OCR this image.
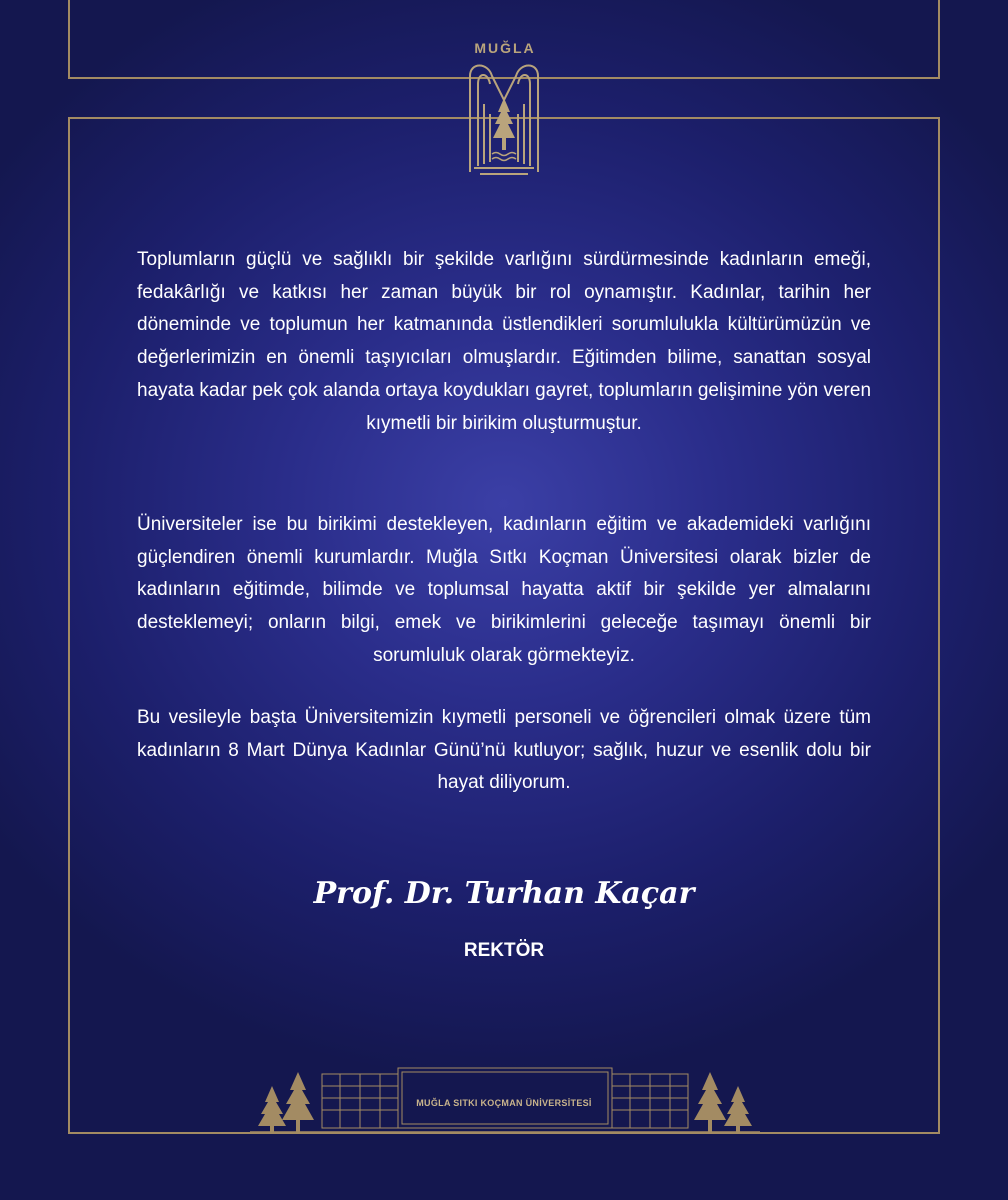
MUĞLA

Toplumların güçlü ve sağlıklı bir şekilde varlığını sürdürmesinde kadınların emeği, fedakârlığı ve katkısı her zaman büyük bir rol oynamıştır. Kadınlar, tarihin her döneminde ve toplumun her katmanında üstlendikleri sorumlulukla kültürümüzün ve değerlerimizin en önemli taşıyıcıları olmuşlardır. Eğitimden bilime, sanattan sosyal hayata kadar pek çok alanda ortaya koydukları gayret, toplumların gelişimine yön veren kıymetli bir birikim oluşturmuştur.

Üniversiteler ise bu birikimi destekleyen, kadınların eğitim ve akademideki varlığını güçlendiren önemli kurumlardır. Muğla Sıtkı Koçman Üniversitesi olarak bizler de kadınların eğitimde, bilimde ve toplumsal hayatta aktif bir şekilde yer almalarını desteklemeyi; onların bilgi, emek ve birikimlerini geleceğe taşımayı önemli bir sorumluluk olarak görmekteyiz.

Bu vesileyle başta Üniversitemizin kıymetli personeli ve öğrencileri olmak üzere tüm kadınların 8 Mart Dünya Kadınlar Günü’nü kutluyor; sağlık, huzur ve esenlik dolu bir hayat diliyorum.

Prof. Dr. Turhan Kaçar
REKTÖR
MUĞLA SITKI KOÇMAN ÜNİVERSİTESİ
